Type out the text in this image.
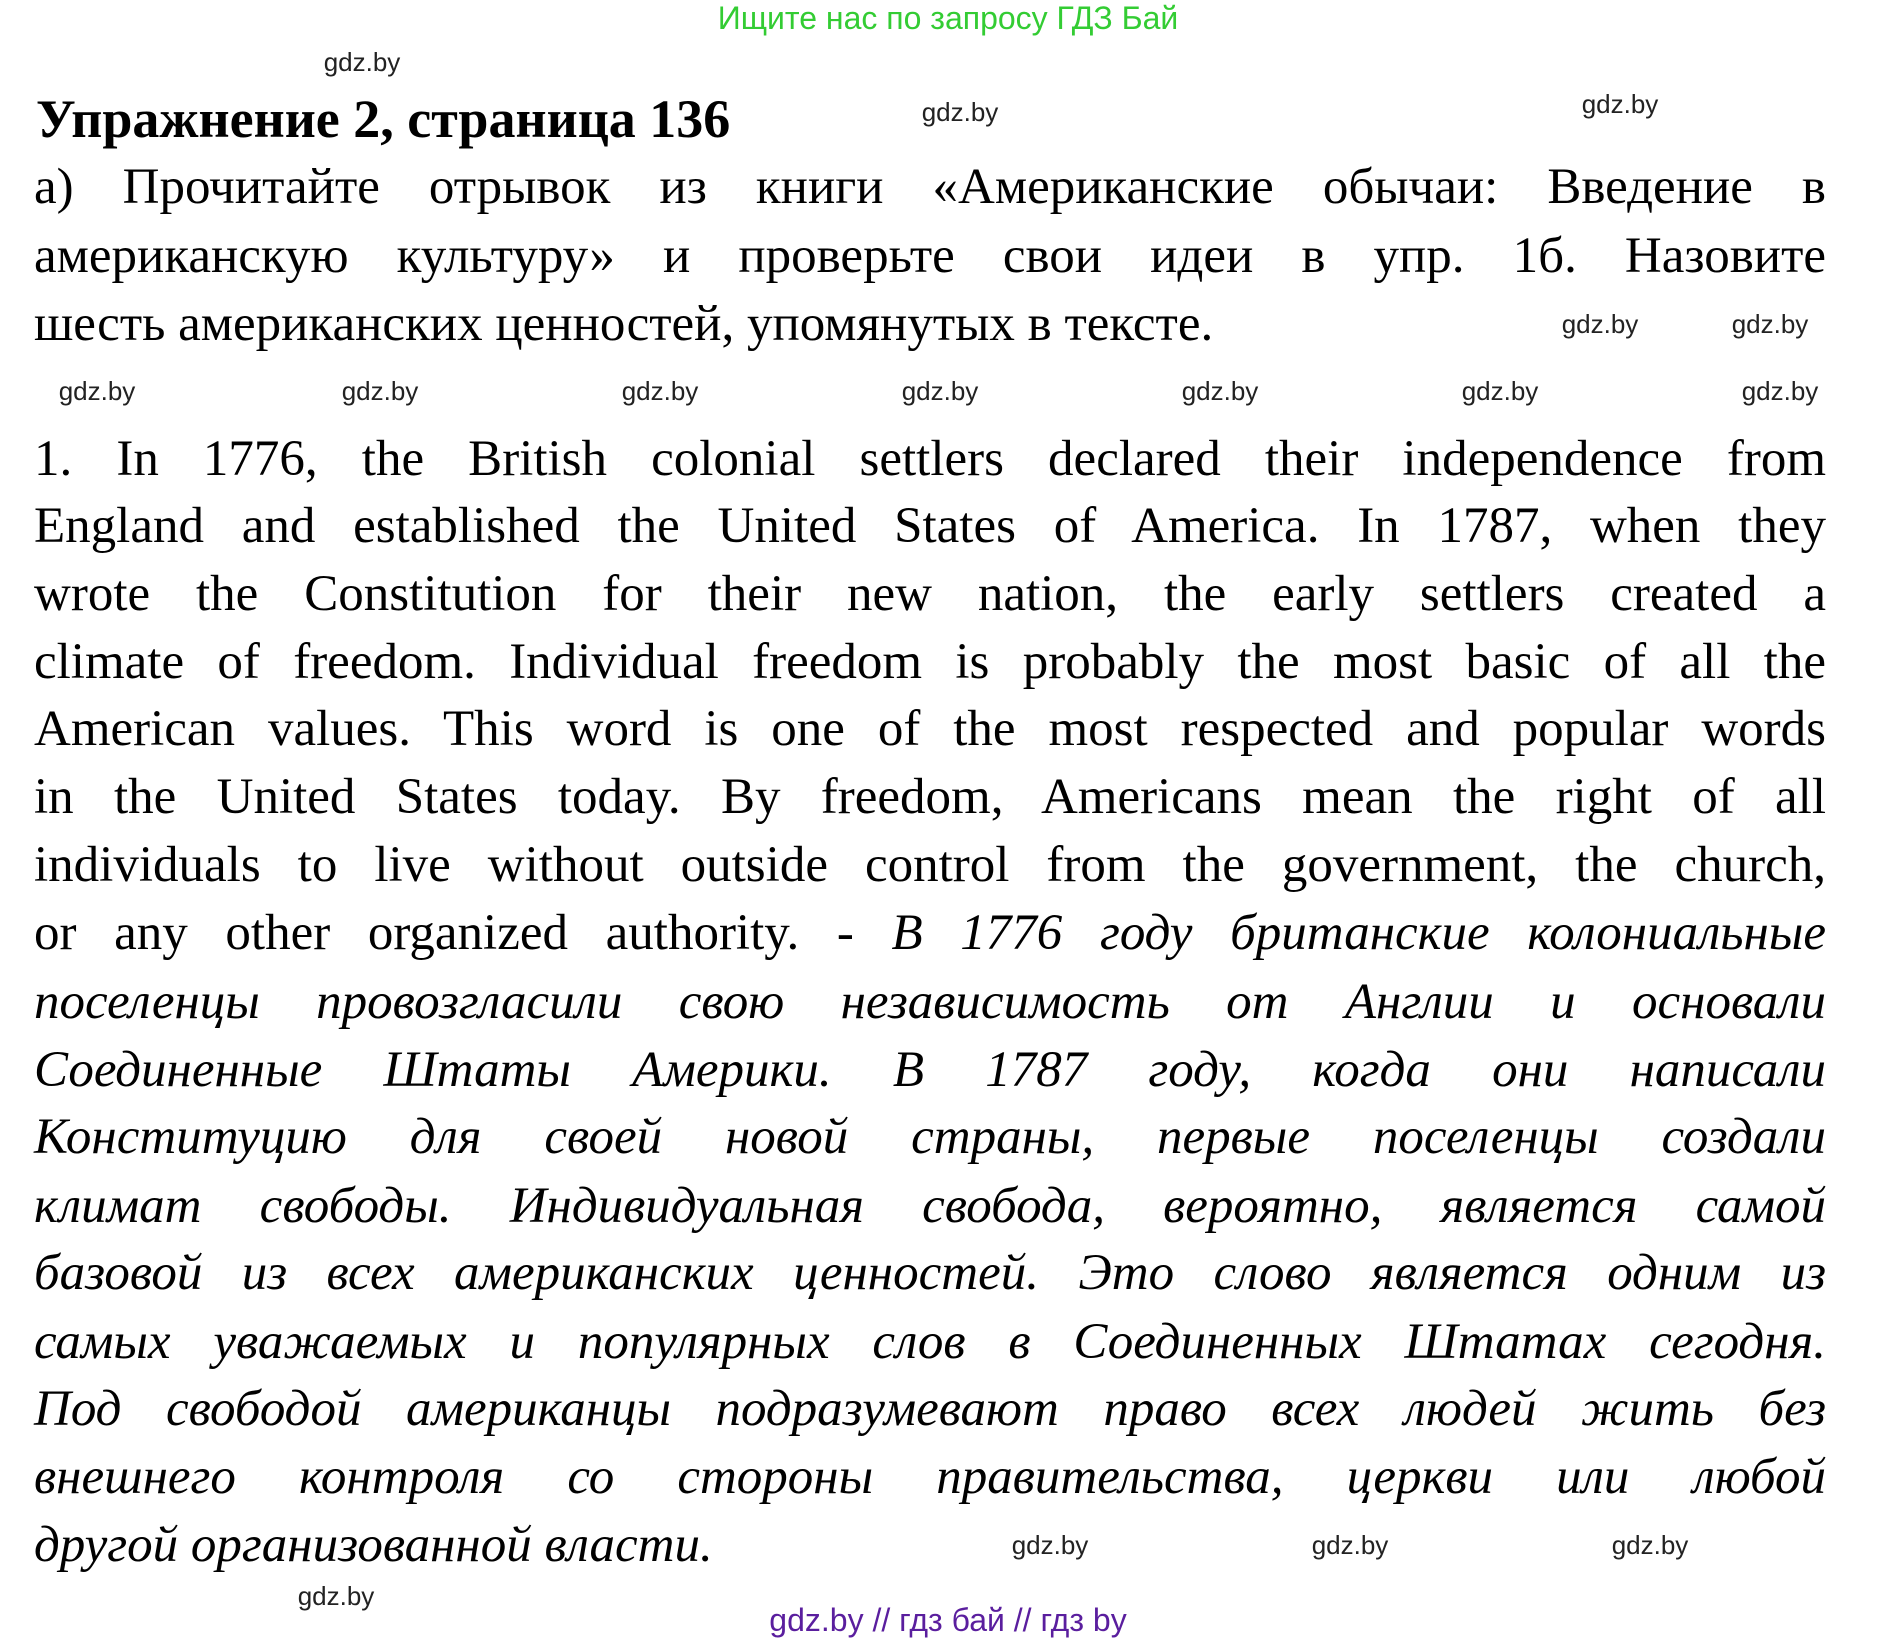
Ищите нас по запросу ГДЗ Бай
Упражнение 2, страница 136
а) Прочитайте отрывок из книги «Американские обычаи: Введение в
американскую культуру» и проверьте свои идеи в упр. 1б. Назовите
шесть американских ценностей, упомянутых в тексте.
1. In 1776, the British colonial settlers declared their independence from
England and established the United States of America. In 1787, when they
wrote the Constitution for their new nation, the early settlers created a
climate of freedom. Individual freedom is probably the most basic of all the
American values. This word is one of the most respected and popular words
in the United States today. By freedom, Americans mean the right of all
individuals to live without outside control from the government, the church,
or any other organized authority. - В 1776 году британские колониальные
поселенцы провозгласили свою независимость от Англии и основали
Соединенные Штаты Америки. В 1787 году, когда они написали
Конституцию для своей новой страны, первые поселенцы создали
климат свободы. Индивидуальная свобода, вероятно, является самой
базовой из всех американских ценностей. Это слово является одним из
самых уважаемых и популярных слов в Соединенных Штатах сегодня.
Под свободой американцы подразумевают право всех людей жить без
внешнего контроля со стороны правительства, церкви или любой
другой организованной власти.
gdz.by
gdz.by
gdz.by
gdz.by	gdz.by
gdz.by	gdz.by	gdz.by	gdz.by	gdz.by	gdz.by	gdz.by
gdz.by	gdz.by	gdz.by
gdz.by
gdz.by // гдз бай // гдз by
